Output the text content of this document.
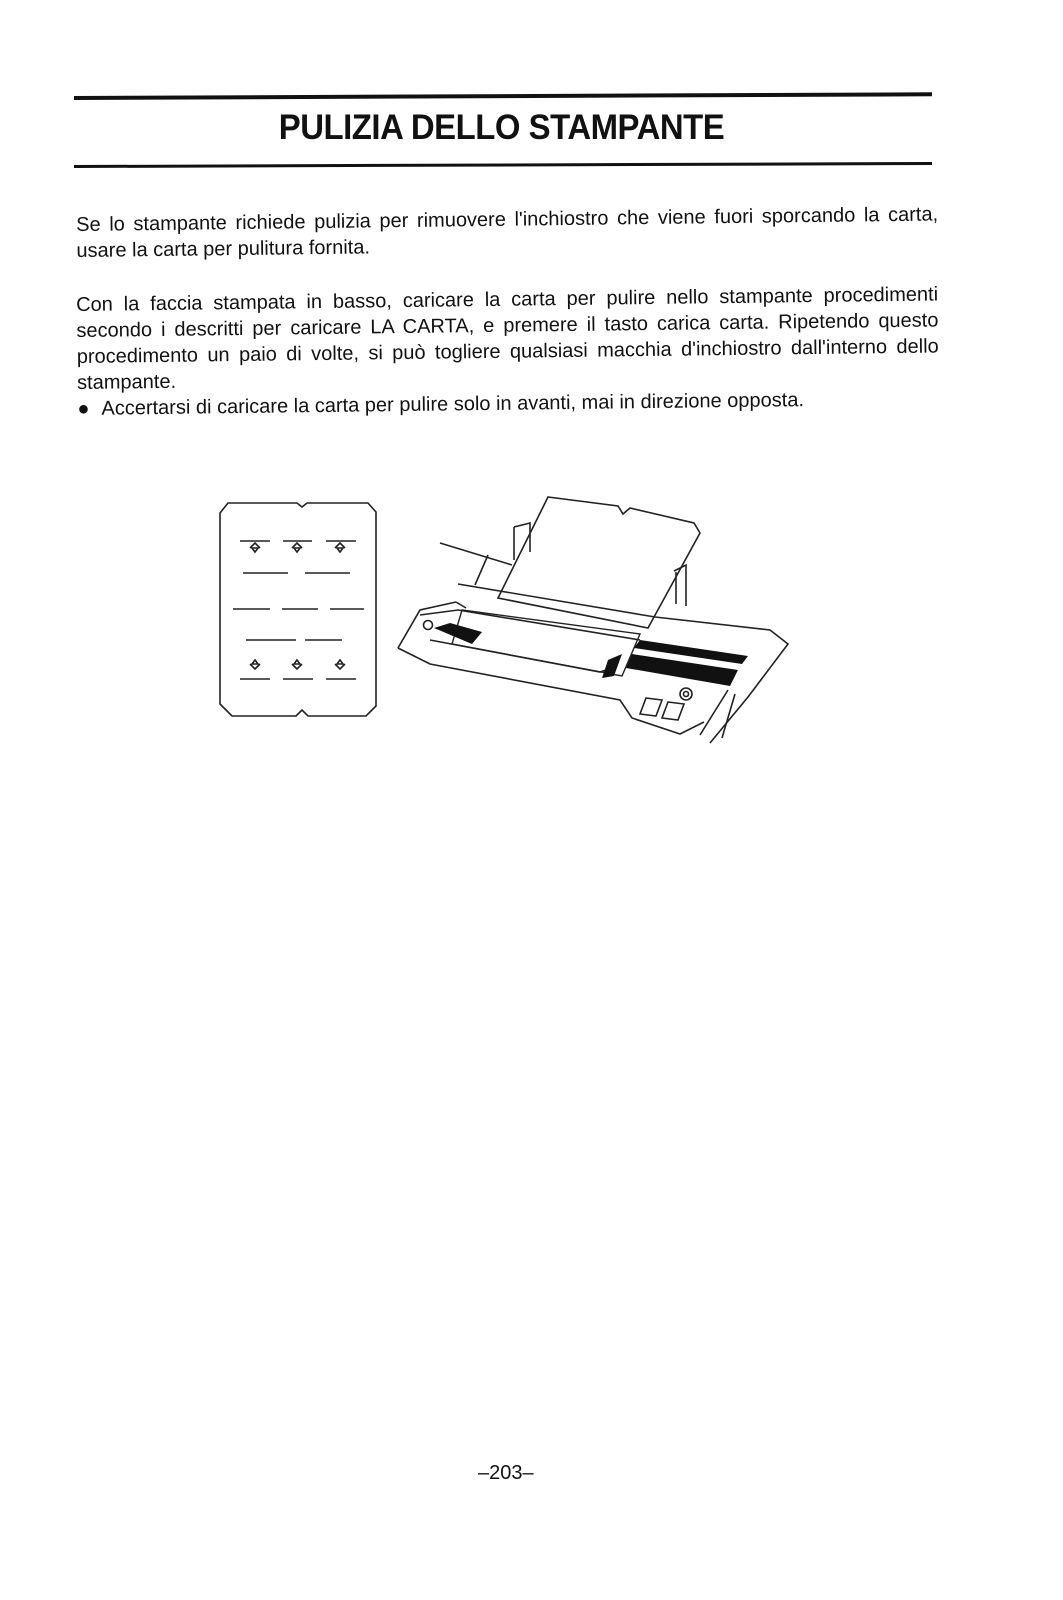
PULIZIA DELLO STAMPANTE
Se lo stampante richiede pulizia per rimuovere l'inchiostro che viene fuori sporcando la carta, usare la carta per pulitura fornita.
Con la faccia stampata in basso, caricare la carta per pulire nello stampante procedimenti secondo i descritti per caricare LA CARTA, e premere il tasto carica carta. Ripetendo questo procedimento un paio di volte, si può togliere qualsiasi macchia d'inchiostro dall'interno dello stampante.
● Accertarsi di caricare la carta per pulire solo in avanti, mai in direzione opposta.
–203–
